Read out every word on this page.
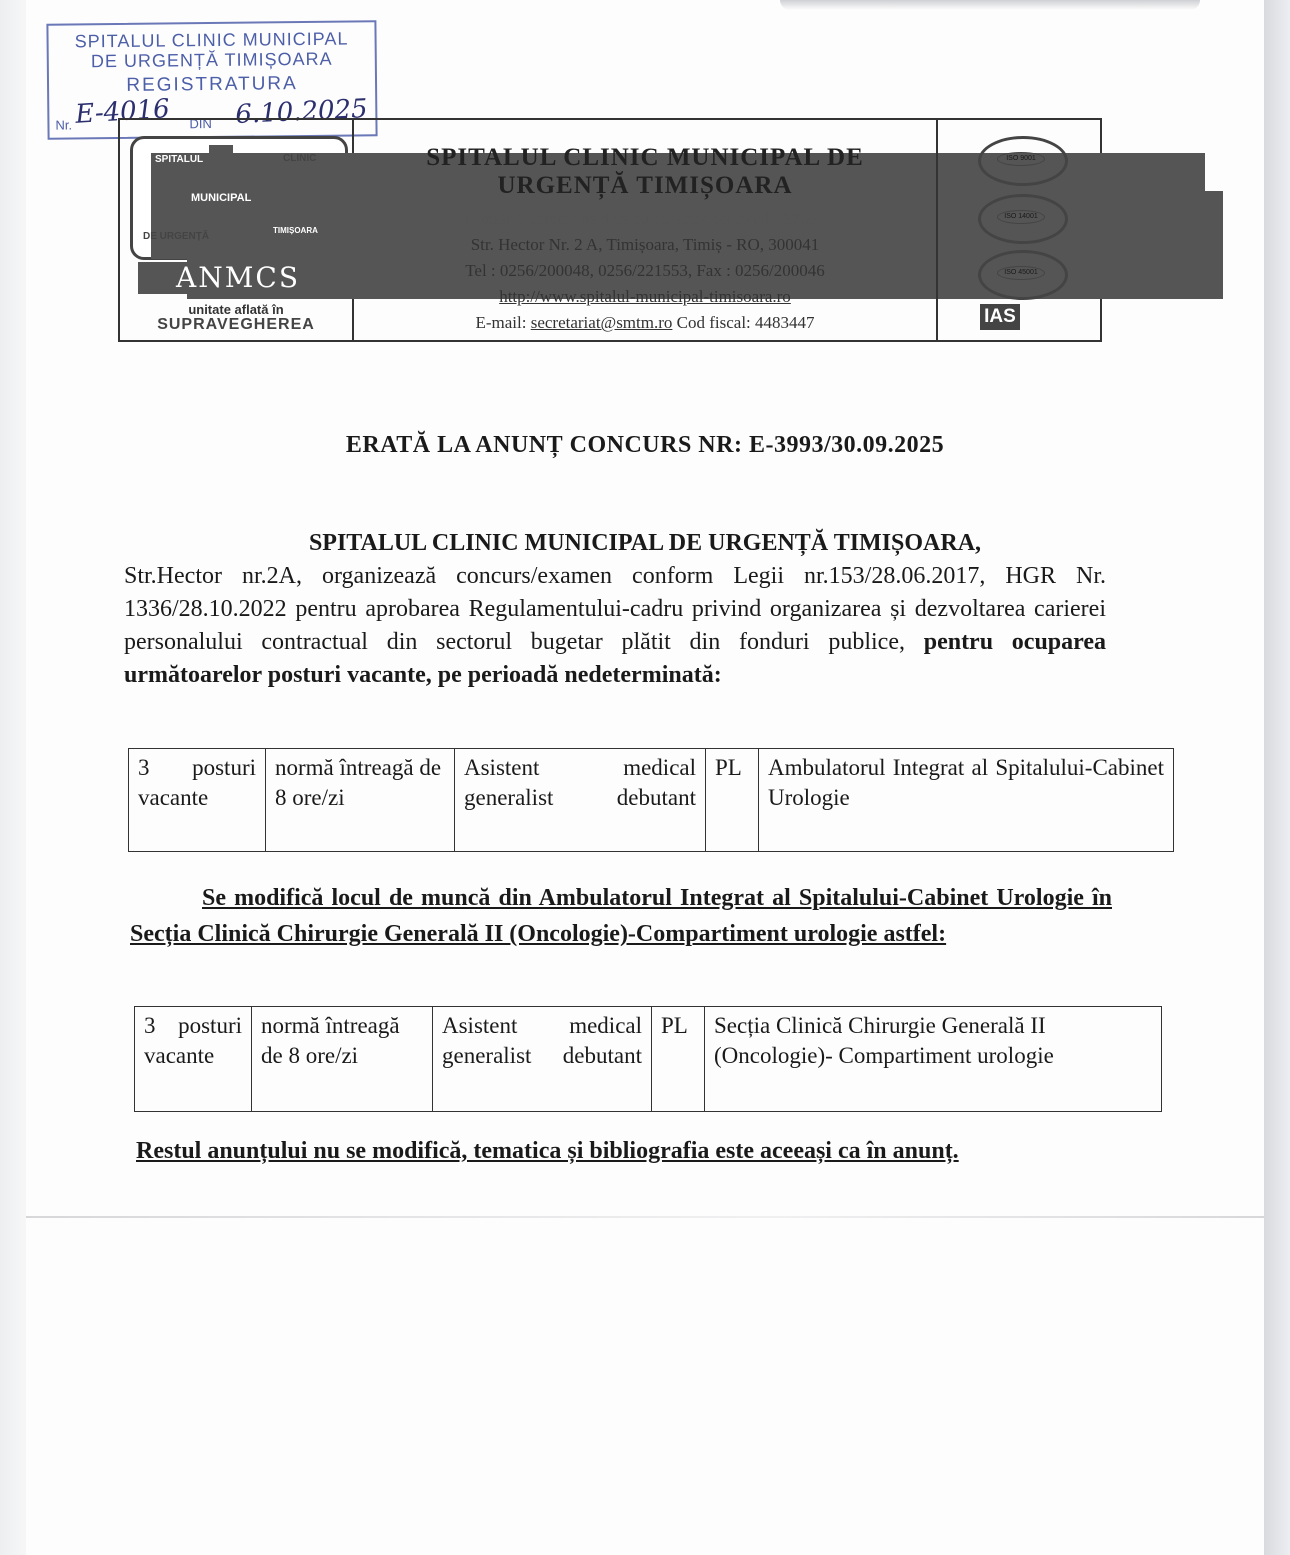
SPITALUL CLINIC MUNICIPAL
DE URGENȚĂ TIMIȘOARA
REGISTRATURA
Nr. E-4016 DIN 6.10.2025
SPITALUL	CLINIC
MUNICIPAL
DE URGENȚĂ
TIMIȘOARA
ANMCS
unitate aflată în
SUPRAVEGHEREA
SPITALUL CLINIC MUNICIPAL DE
URGENȚĂ TIMIȘOARA
Număr Operator de date cu caracter personal - 37058
Str. Hector Nr. 2 A, Timișoara, Timiș - RO, 300041
Tel : 0256/200048, 0256/221553, Fax : 0256/200046
http://www.spitalul-municipal-timisoara.ro
E-mail: secretariat@smtm.ro Cod fiscal: 4483447
ISO 9001
ISO 14001
ISO 45001
IAS
ERATĂ LA ANUNȚ CONCURS NR: E-3993/30.09.2025
SPITALUL CLINIC MUNICIPAL DE URGENȚĂ TIMIȘOARA,
Str.Hector nr.2A, organizează concurs/examen conform Legii nr.153/28.06.2017, HGR Nr. 1336/28.10.2022 pentru aprobarea Regulamentului-cadru privind organizarea și dezvoltarea carierei personalului contractual din sectorul bugetar plătit din fonduri publice, pentru ocuparea următoarelor posturi vacante, pe perioadă nedeterminată:
3 posturi vacante	normă întreagă de 8 ore/zi	Asistent medical generalist debutant	PL	Ambulatorul Integrat al Spitalului-Cabinet Urologie
Se modifică locul de muncă din Ambulatorul Integrat al Spitalului-Cabinet Urologie în Secția Clinică Chirurgie Generală II (Oncologie)-Compartiment urologie astfel:
3 posturi vacante	normă întreagă de 8 ore/zi	Asistent medical generalist debutant	PL	Secția Clinică Chirurgie Generală II (Oncologie)- Compartiment urologie
Restul anunțului nu se modifică, tematica și bibliografia este aceeași ca în anunț.
